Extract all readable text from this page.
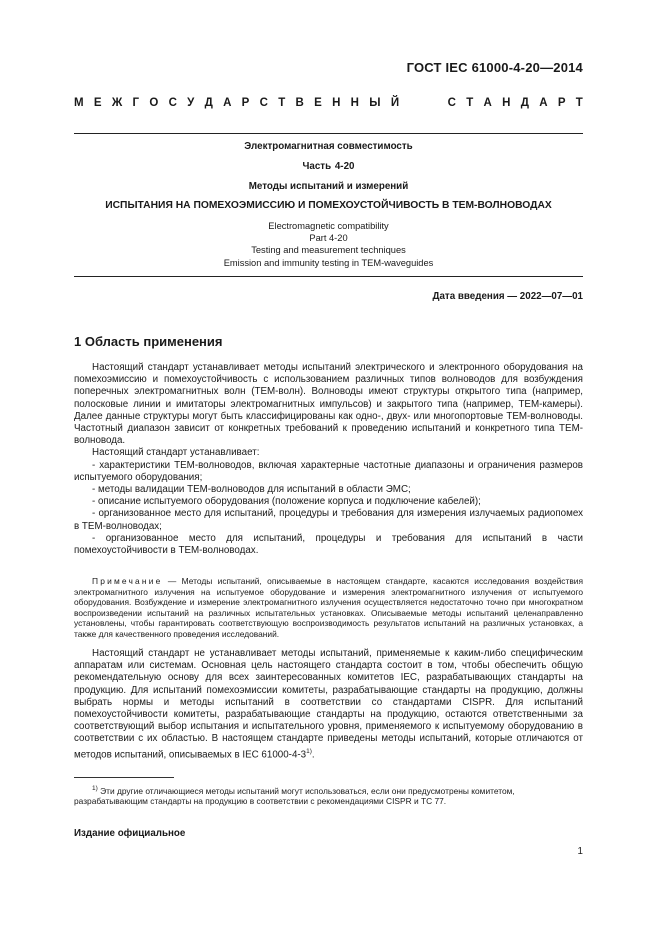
ГОСТ IEC 61000-4-20—2014
М Е Ж Г О С У Д А Р С Т В Е Н Н Ы Й	С Т А Н Д А Р Т
Электромагнитная совместимость
Часть 4-20
Методы испытаний и измерений
ИСПЫТАНИЯ НА ПОМЕХОЭМИССИЮ И ПОМЕХОУСТОЙЧИВОСТЬ В ТЕМ-ВОЛНОВОДАХ
Electromagnetic compatibility
Part 4-20
Testing and measurement techniques
Emission and immunity testing in TEM-waveguides
Дата введения — 2022—07—01
1 Область применения

Настоящий стандарт устанавливает методы испытаний электрического и электронного оборудования на помехоэмиссию и помехоустойчивость с использованием различных типов волноводов для возбуждения поперечных электромагнитных волн (ТЕМ-волн). Волноводы имеют структуры открытого типа (например, полосковые линии и имитаторы электромагнитных импульсов) и закрытого типа (например, ТЕМ-камеры). Далее данные структуры могут быть классифицированы как одно-, двух- или многопортовые ТЕМ-волноводы. Частотный диапазон зависит от конкретных требований к проведению испытаний и конкретного типа ТЕМ-волновода.

Настоящий стандарт устанавливает:

- характеристики ТЕМ-волноводов, включая характерные частотные диапазоны и ограничения размеров испытуемого оборудования;

- методы валидации ТЕМ-волноводов для испытаний в области ЭМС;

- описание испытуемого оборудования (положение корпуса и подключение кабелей);

- организованное место для испытаний, процедуры и требования для измерения излучаемых радиопомех в ТЕМ-волноводах;

- организованное место для испытаний, процедуры и требования для испытаний в части помехоустойчивости в ТЕМ-волноводах.

Примечание — Методы испытаний, описываемые в настоящем стандарте, касаются исследования воздействия электромагнитного излучения на испытуемое оборудование и измерения электромагнитного излучения от испытуемого оборудования. Возбуждение и измерение электромагнитного излучения осуществляется недостаточно точно при многократном воспроизведении испытаний на различных испытательных установках. Описываемые методы испытаний целенаправленно установлены, чтобы гарантировать соответствующую воспроизводимость результатов испытаний на различных установках, а также для качественного проведения исследований.

Настоящий стандарт не устанавливает методы испытаний, применяемые к каким-либо специфическим аппаратам или системам. Основная цель настоящего стандарта состоит в том, чтобы обеспечить общую рекомендательную основу для всех заинтересованных комитетов IEC, разрабатывающих стандарты на продукцию. Для испытаний помехоэмиссии комитеты, разрабатывающие стандарты на продукцию, должны выбрать нормы и методы испытаний в соответствии со стандартами CISPR. Для испытаний помехоустойчивости комитеты, разрабатывающие стандарты на продукцию, остаются ответственными за соответствующий выбор испытания и испытательного уровня, применяемого к испытуемому оборудованию в соответствии с их областью. В настоящем стандарте приведены методы испытаний, которые отличаются от методов испытаний, описываемых в IEC 61000-4-3$^{1)}$.

$^{1)}$ Эти другие отличающиеся методы испытаний могут использоваться, если они предусмотрены комитетом, разрабатывающим стандарты на продукцию в соответствии с рекомендациями CISPR и ТС 77.

Издание официальное
1
